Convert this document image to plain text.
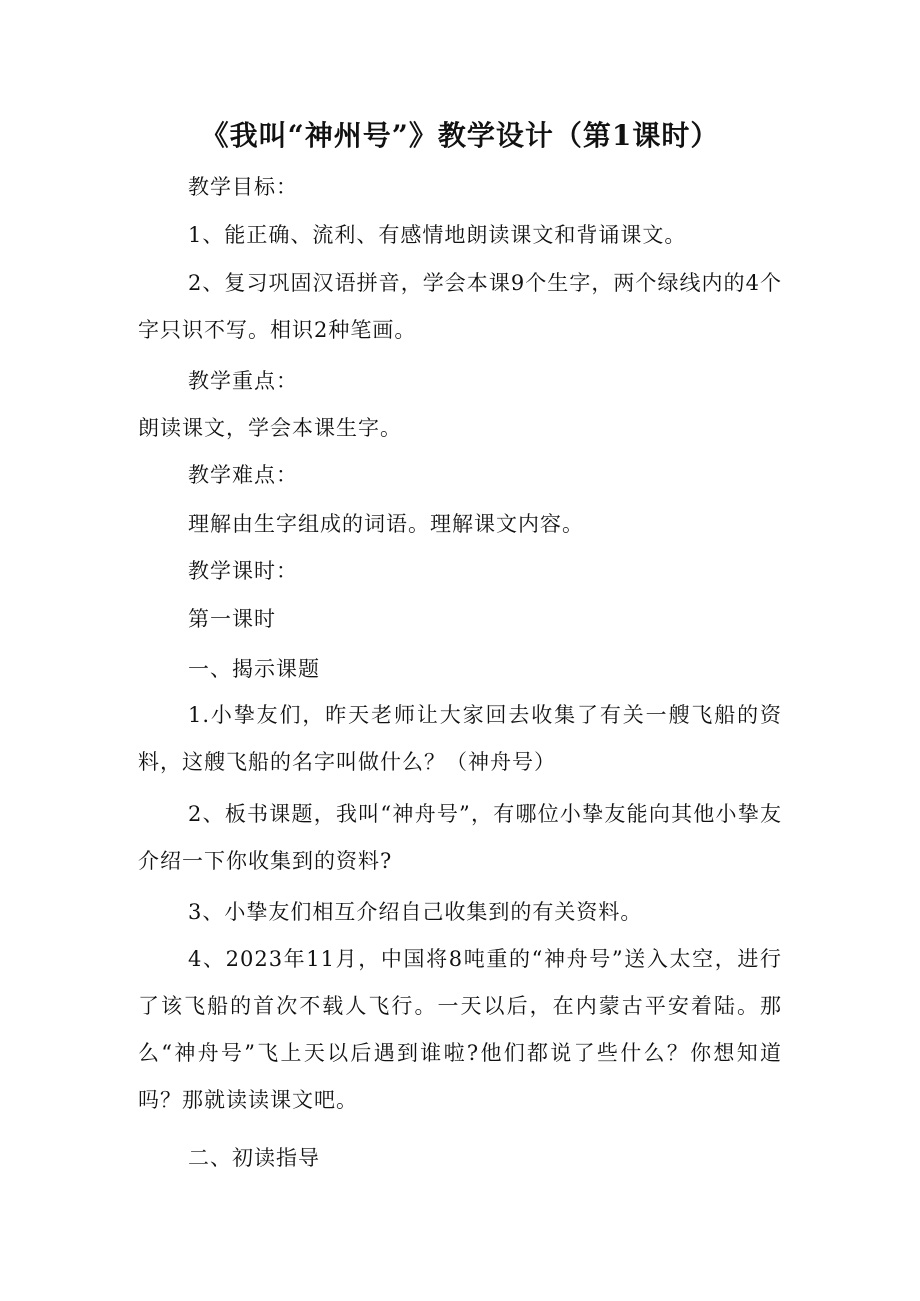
《我叫“神州号”》教学设计（第1课时）
教学目标：
1、能正确、流利、有感情地朗读课文和背诵课文。
2、复习巩固汉语拼音，学会本课9个生字，两个绿线内的4个字只识不写。相识2种笔画。
教学重点：
朗读课文，学会本课生字。
教学难点：
理解由生字组成的词语。理解课文内容。
教学课时：
第一课时
一、揭示课题
1.小挚友们，昨天老师让大家回去收集了有关一艘飞船的资料，这艘飞船的名字叫做什么？（神舟号）
2、板书课题，我叫“神舟号”，有哪位小挚友能向其他小挚友介绍一下你收集到的资料?
3、小挚友们相互介绍自己收集到的有关资料。
4、2023年11月，中国将8吨重的“神舟号”送入太空，进行了该飞船的首次不载人飞行。一天以后，在内蒙古平安着陆。那么“神舟号”飞上天以后遇到谁啦?他们都说了些什么？你想知道吗？那就读读课文吧。
二、初读指导
